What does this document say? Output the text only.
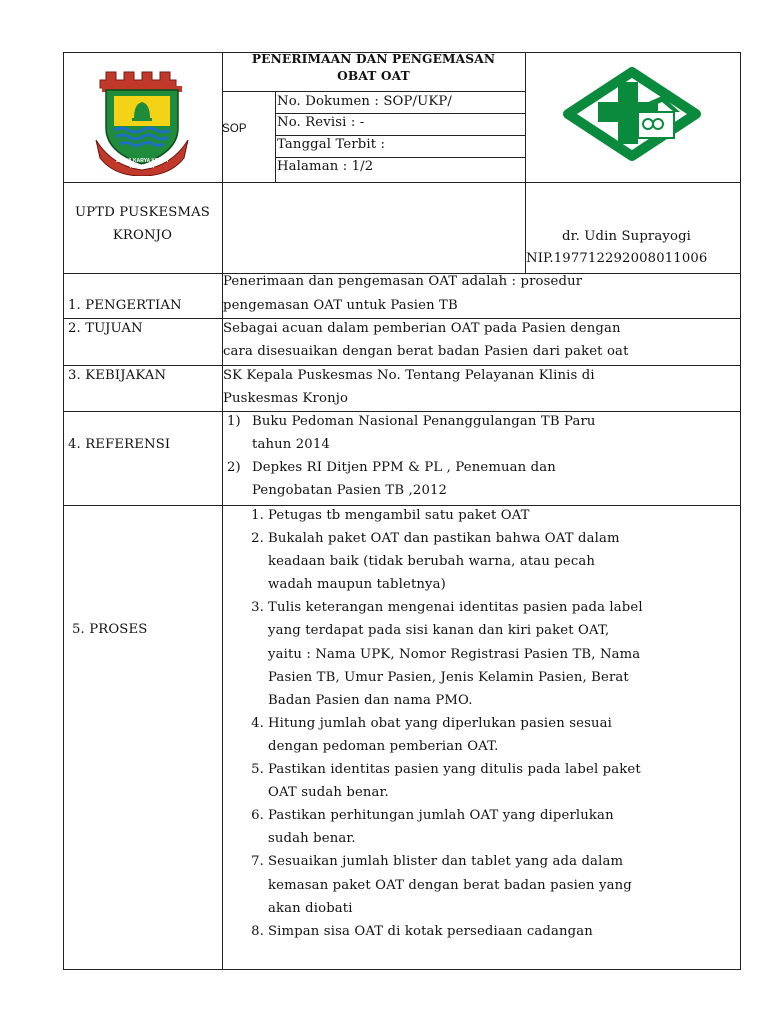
SATYA KARYA KERTA RAHARJA
PENERIMAAN DAN PENGEMASAN
OBAT OAT
SOP
No. Dokumen : SOP/UKP/
No. Revisi : -
Tanggal Terbit :
Halaman : 1/2
UPTD PUSKESMAS
KRONJO	dr. Udin Suprayogi
NIP.197712292008011006
1. PENGERTIAN
Penerimaan dan pengemasan OAT adalah : prosedur
pengemasan OAT untuk Pasien TB
2. TUJUAN	Sebagai acuan dalam pemberian OAT pada Pasien dengan
cara disesuaikan dengan berat badan Pasien dari paket oat
3. KEBIJAKAN	SK Kepala Puskesmas No. Tentang Pelayanan Klinis di
Puskesmas Kronjo
4. REFERENSI
1) Buku Pedoman Nasional Penanggulangan TB Paru
tahun 2014
2) Depkes RI Ditjen PPM & PL , Penemuan dan
Pengobatan Pasien TB ,2012
5. PROSES
1. Petugas tb mengambil satu paket OAT
2. Bukalah paket OAT dan pastikan bahwa OAT dalam
keadaan baik (tidak berubah warna, atau pecah
wadah maupun tabletnya)
3. Tulis keterangan mengenai identitas pasien pada label
yang terdapat pada sisi kanan dan kiri paket OAT,
yaitu : Nama UPK, Nomor Registrasi Pasien TB, Nama
Pasien TB, Umur Pasien, Jenis Kelamin Pasien, Berat
Badan Pasien dan nama PMO.
4. Hitung jumlah obat yang diperlukan pasien sesuai
dengan pedoman pemberian OAT.
5. Pastikan identitas pasien yang ditulis pada label paket
OAT sudah benar.
6. Pastikan perhitungan jumlah OAT yang diperlukan
sudah benar.
7. Sesuaikan jumlah blister dan tablet yang ada dalam
kemasan paket OAT dengan berat badan pasien yang
akan diobati
8. Simpan sisa OAT di kotak persediaan cadangan
